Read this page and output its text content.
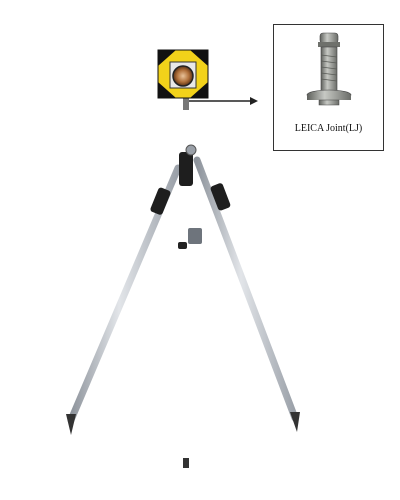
LEICA Joint(LJ)
